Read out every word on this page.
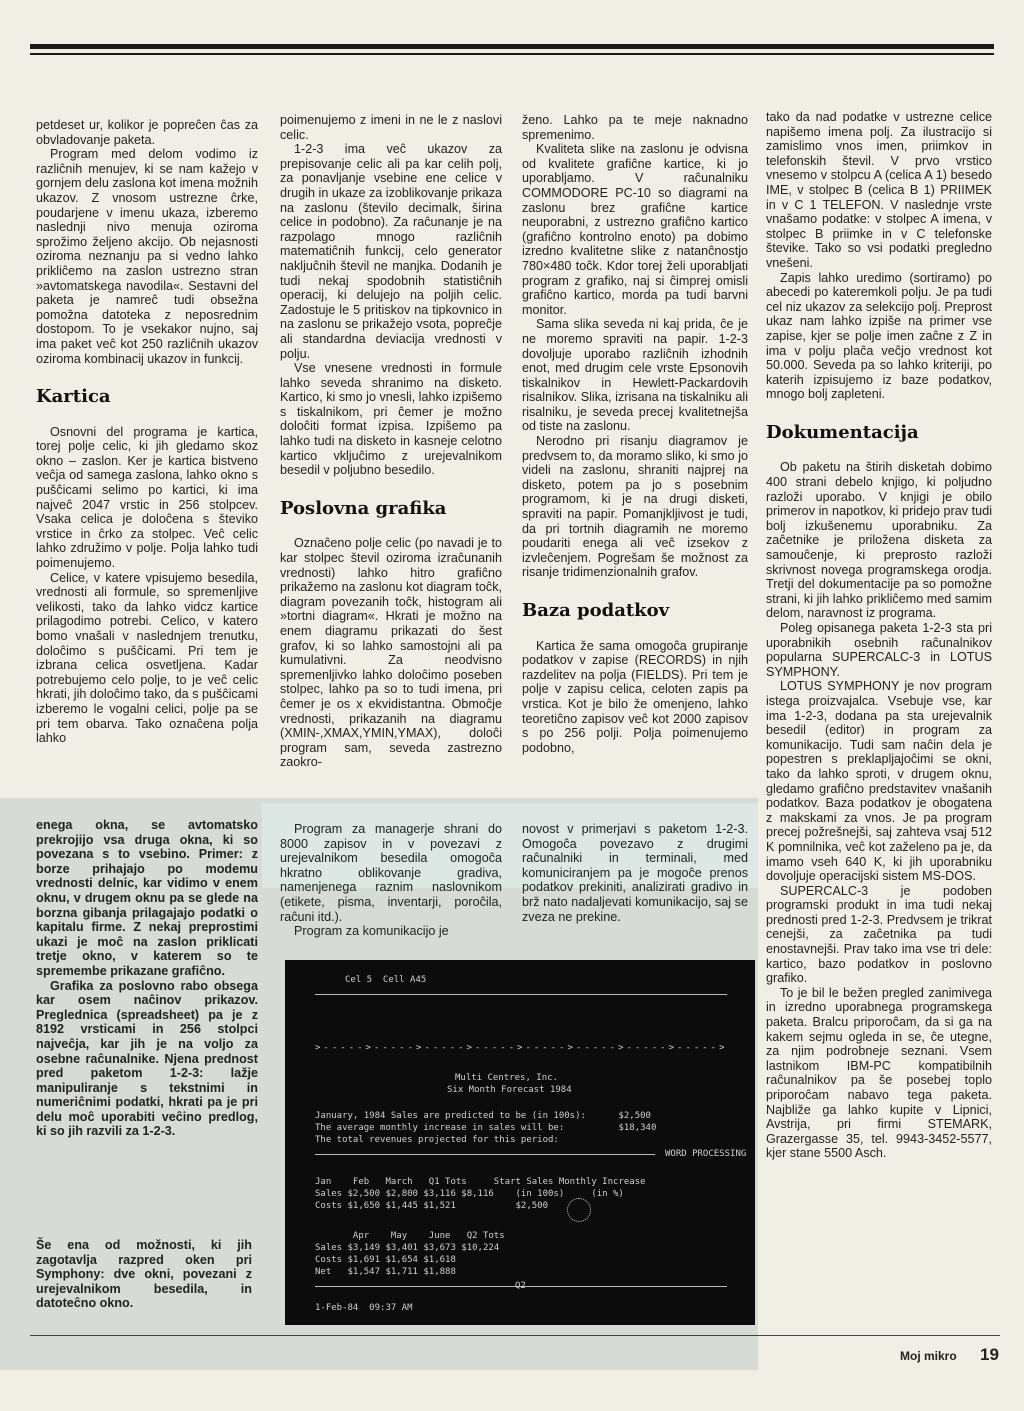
petdeset ur, kolikor je popreĉen ĉas za obvladovanje paketa.

Program med delom vodimo iz razliĉnih menujev, ki se nam kažejo v gornjem delu zaslona kot imena možnih ukazov. Z vnosom ustrezne ĉrke, poudarjene v imenu ukaza, izberemo naslednji nivo menuja oziroma sprožimo željeno akcijo. Ob nejasnosti oziroma neznanju pa si vedno lahko prikliĉemo na zaslon ustrezno stran »avtomatskega navodila«. Sestavni del paketa je namreĉ tudi obsežna pomožna datoteka z neposrednim dostopom. To je vsekakor nujno, saj ima paket veĉ kot 250 razliĉnih ukazov oziroma kombinacij ukazov in funkcij.

Kartica

Osnovni del programa je kartica, torej polje celic, ki jih gledamo skoz okno – zaslon. Ker je kartica bistveno veĉja od samega zaslona, lahko okno s pušĉicami selimo po kartici, ki ima najveĉ 2047 vrstic in 256 stolpcev. Vsaka celica je doloĉena s števiko vrstice in ĉrko za stolpec. Veĉ celic lahko združimo v polje. Polja lahko tudi poimenujemo.

Celice, v katere vpisujemo besedila, vrednosti ali formule, so spremenljive velikosti, tako da lahko vidcz kartice prilagodimo potrebi. Celico, v katero bomo vnašali v naslednjem trenutku, doloĉimo s pušĉicami. Pri tem je izbrana celica osvetljena. Kadar potrebujemo celo polje, to je veĉ celic hkrati, jih doloĉimo tako, da s pušĉicami izberemo le vogalni celici, polje pa se pri tem obarva. Tako oznaĉena polja lahko

poimenujemo z imeni in ne le z naslovi celic.

1-2-3 ima veĉ ukazov za prepisovanje celic ali pa kar celih polj, za ponavljanje vsebine ene celice v drugih in ukaze za izoblikovanje prikaza na zaslonu (število decimalk, širina celice in podobno). Za raĉunanje je na razpolago mnogo razliĉnih matematiĉnih funkcij, celo generator nakljuĉnih števil ne manjka. Dodanih je tudi nekaj spodobnih statistiĉnih operacij, ki delujejo na poljih celic. Zadostuje le 5 pritiskov na tipkovnico in na zaslonu se prikažejo vsota, popreĉje ali standardna deviacija vrednosti v polju.

Vse vnesene vrednosti in formule lahko seveda shranimo na disketo. Kartico, ki smo jo vnesli, lahko izpišemo s tiskalnikom, pri ĉemer je možno doloĉiti format izpisa. Izpišemo pa lahko tudi na disketo in kasneje celotno kartico vkljuĉimo z urejevalnikom besedil v poljubno besedilo.

Poslovna grafika

Oznaĉeno polje celic (po navadi je to kar stolpec števil oziroma izraĉunanih vrednosti) lahko hitro grafiĉno prikažemo na zaslonu kot diagram toĉk, diagram povezanih toĉk, histogram ali »tortni diagram«. Hkrati je možno na enem diagramu prikazati do šest grafov, ki so lahko samostojni ali pa kumulativni. Za neodvisno spremenljivko lahko doloĉimo poseben stolpec, lahko pa so to tudi imena, pri ĉemer je os x ekvidistantna. Obmoĉje vrednosti, prikazanih na diagramu (XMIN-,XMAX,YMIN,YMAX), doloĉi program sam, seveda zastrezno zaokro-

ženo. Lahko pa te meje naknadno spremenimo.

Kvaliteta slike na zaslonu je odvisna od kvalitete grafiĉne kartice, ki jo uporabljamo. V raĉunalniku COMMODORE PC-10 so diagrami na zaslonu brez grafiĉne kartice neuporabni, z ustrezno grafiĉno kartico (grafiĉno kontrolno enoto) pa dobimo izredno kvalitetne slike z natanĉnostjo 780×480 toĉk. Kdor torej želi uporabljati program z grafiko, naj si ĉimprej omisli grafiĉno kartico, morda pa tudi barvni monitor.

Sama slika seveda ni kaj prida, ĉe je ne moremo spraviti na papir. 1-2-3 dovoljuje uporabo razliĉnih izhodnih enot, med drugim cele vrste Epsonovih tiskalnikov in Hewlett-Packardovih risalnikov. Slika, izrisana na tiskalniku ali risalniku, je seveda precej kvalitetnejša od tiste na zaslonu.

Nerodno pri risanju diagramov je predvsem to, da moramo sliko, ki smo jo videli na zaslonu, shraniti najprej na disketo, potem pa jo s posebnim programom, ki je na drugi disketi, spraviti na papir. Pomanjkljivost je tudi, da pri tortnih diagramih ne moremo poudariti enega ali veĉ izsekov z izvleĉenjem. Pogrešam še možnost za risanje tridimenzionalnih grafov.

Baza podatkov

Kartica že sama omogoĉa grupiranje podatkov v zapise (RECORDS) in njih razdelitev na polja (FIELDS). Pri tem je polje v zapisu celica, celoten zapis pa vrstica. Kot je bilo že omenjeno, lahko teoretiĉno zapisov veĉ kot 2000 zapisov s po 256 polji. Polja poimenujemo podobno,

tako da nad podatke v ustrezne celice napišemo imena polj. Za ilustracijo si zamislimo vnos imen, priimkov in telefonskih števil. V prvo vrstico vnesemo v stolpcu A (celica A 1) besedo IME, v stolpec B (celica B 1) PRIIMEK in v C 1 TELEFON. V naslednje vrste vnašamo podatke: v stolpec A imena, v stolpec B priimke in v C telefonske števike. Tako so vsi podatki pregledno vnešeni.

Zapis lahko uredimo (sortiramo) po abecedi po kateremkoli polju. Je pa tudi cel niz ukazov za selekcijo polj. Preprost ukaz nam lahko izpiše na primer vse zapise, kjer se polje imen zaĉne z Z in ima v polju plaĉa veĉjo vrednost kot 50.000. Seveda pa so lahko kriteriji, po katerih izpisujemo iz baze podatkov, mnogo bolj zapleteni.

Dokumentacija

Ob paketu na štirih disketah dobimo 400 strani debelo knjigo, ki poljudno razloži uporabo. V knjigi je obilo primerov in napotkov, ki pridejo prav tudi bolj izkušenemu uporabniku. Za zaĉetnike je priložena disketa za samouĉenje, ki preprosto razloži skrivnost novega programskega orodja. Tretji del dokumentacije pa so pomožne strani, ki jih lahko prikliĉemo med samim delom, naravnost iz programa.

Poleg opisanega paketa 1-2-3 sta pri uporabnikih osebnih raĉunalnikov popularna SUPERCALC-3 in LOTUS SYMPHONY.

LOTUS SYMPHONY je nov program istega proizvajalca. Vsebuje vse, kar ima 1-2-3, dodana pa sta urejevalnik besedil (editor) in program za komunikacijo. Tudi sam naĉin dela je popestren s preklapljajoĉimi se okni, tako da lahko sproti, v drugem oknu, gledamo grafiĉno predstavitev vnašanih podatkov. Baza podatkov je obogatena z makskami za vnos. Je pa program precej požrešnejši, saj zahteva vsaj 512 K pomnilnika, veĉ kot zaželeno pa je, da imamo vseh 640 K, ki jih uporabniku dovoljuje operacijski sistem MS-DOS.

SUPERCALC-3 je podoben programski produkt in ima tudi nekaj prednosti pred 1-2-3. Predvsem je trikrat cenejši, za zaĉetnika pa tudi enostavnejši. Prav tako ima vse tri dele: kartico, bazo podatkov in poslovno grafiko.

To je bil le bežen pregled zanimivega in izredno uporabnega programskega paketa. Bralcu priporoĉam, da si ga na kakem sejmu ogleda in se, ĉe utegne, za njim podrobneje seznani. Vsem lastnikom IBM-PC kompatibilnih raĉunalnikov pa še posebej toplo priporoĉam nabavo tega paketa. Najbliže ga lahko kupite v Lipnici, Avstrija, pri firmi STEMARK, Grazergasse 35, tel. 9943-3452-5577, kjer stane 5500 Asch.

enega okna, se avtomatsko prekrojijo vsa druga okna, ki so povezana s to vsebino. Primer: z borze prihajajo po modemu vrednosti delnic, kar vidimo v enem oknu, v drugem oknu pa se glede na borzna gibanja prilagajajo podatki o kapitalu firme. Z nekaj preprostimi ukazi je moĉ na zaslon priklicati tretje okno, v katerem so te spremembe prikazane grafiĉno.

Grafika za poslovno rabo obsega kar osem naĉinov prikazov. Preglednica (spreadsheet) pa je z 8192 vrsticami in 256 stolpci najveĉja, kar jih je na voljo za osebne raĉunalnike. Njena prednost pred paketom 1-2-3: lažje manipuliranje s tekstnimi in numeriĉnimi podatki, hkrati pa je pri delu moĉ uporabiti veĉino predlog, ki so jih razvili za 1-2-3.

Program za managerje shrani do 8000 zapisov in v povezavi z urejevalnikom besedila omogoĉa hkratno oblikovanje gradiva, namenjenega raznim naslovnikom (etikete, pisma, inventarji, poroĉila, raĉuni itd.).

Program za komunikacijo je

novost v primerjavi s paketom 1-2-3. Omogoĉa povezavo z drugimi raĉunalniki in terminali, med komuniciranjem pa je mogoĉe prenos podatkov prekiniti, analizirati gradivo in brž nato nadaljevati komunikacijo, saj se zveza ne prekine.

Cel 5  Cell A45
>----->----->----->----->----->----->----->----->
Multi Centres, Inc.
Six Month Forecast 1984
January, 1984 Sales are predicted to be (in 100s):      $2,500
The average monthly increase in sales will be:          $18,340
The total revenues projected for this period:
WORD PROCESSING
Jan    Feb   March   Q1 Tots     Start Sales Monthly Increase
Sales $2,500 $2,800 $3,116 $8,116    (in 100s)     (in %)
Costs $1,650 $1,445 $1,521           $2,500
Apr    May    June   Q2 Tots
Sales $3,149 $3,401 $3,673 $10,224
Costs $1,691 $1,654 $1,618
Net   $1,547 $1,711 $1,888
Q2
1-Feb-84  09:37 AM
Še ena od možnosti, ki jih zagotavlja razpred oken pri Symphony: dve okni, povezani z urejevalnikom besedila, in datoteĉno okno.
Moj mikro 19
